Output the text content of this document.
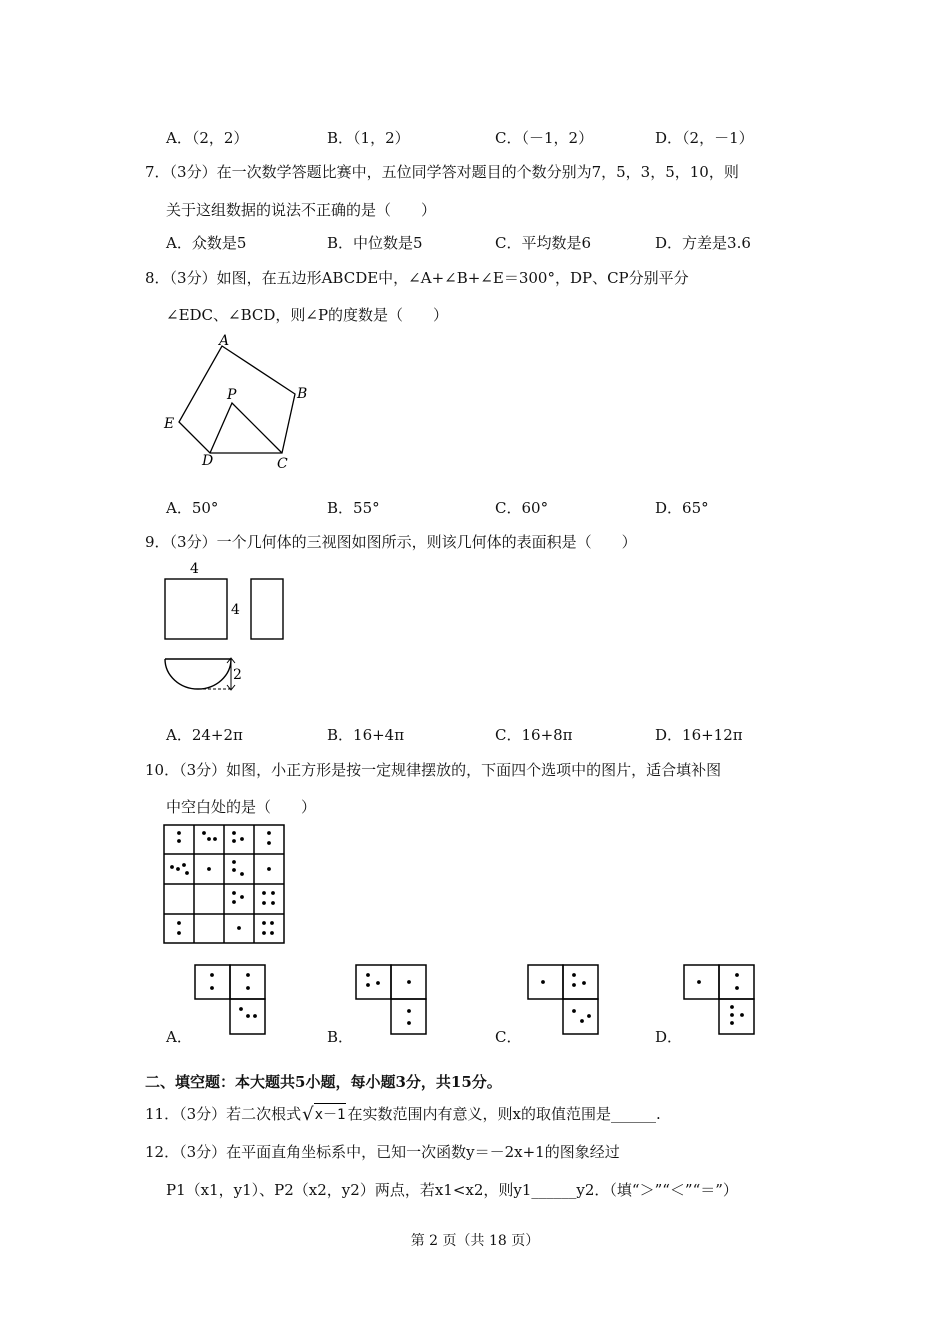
A．（2，2）	B．（1，2）	C．（－1，2）	D．（2，－1）
7．（3分）在一次数学答题比赛中，五位同学答对题目的个数分别为7，5，3，5，10，则
关于这组数据的说法不正确的是（　　）
A．众数是5	B．中位数是5	C．平均数是6	D．方差是3.6
8．（3分）如图，在五边形ABCDE中，∠A+∠B+∠E＝300°，DP、CP分别平分
∠EDC、∠BCD，则∠P的度数是（　　）
A
B
C
D
E
P
A．50°	B．55°	C．60°	D．65°
9．（3分）一个几何体的三视图如图所示，则该几何体的表面积是（　　）
4
4
2
A．24+2π	B．16+4π	C．16+8π	D．16+12π
10．（3分）如图，小正方形是按一定规律摆放的，下面四个选项中的图片，适合填补图
中空白处的是（　　）
A．	B．	C．	D．
二、填空题：本大题共5小题，每小题3分，共15分。
11．（3分）若二次根式 √ x－1 在实数范围内有意义，则x的取值范围是______.
12．（3分）在平面直角坐标系中，已知一次函数y＝－2x+1的图象经过
P1（x1，y1）、P2（x2，y2）两点，若x1<x2，则y1______y2．（填“＞”“＜”“＝”）
第 2 页（共 18 页）
